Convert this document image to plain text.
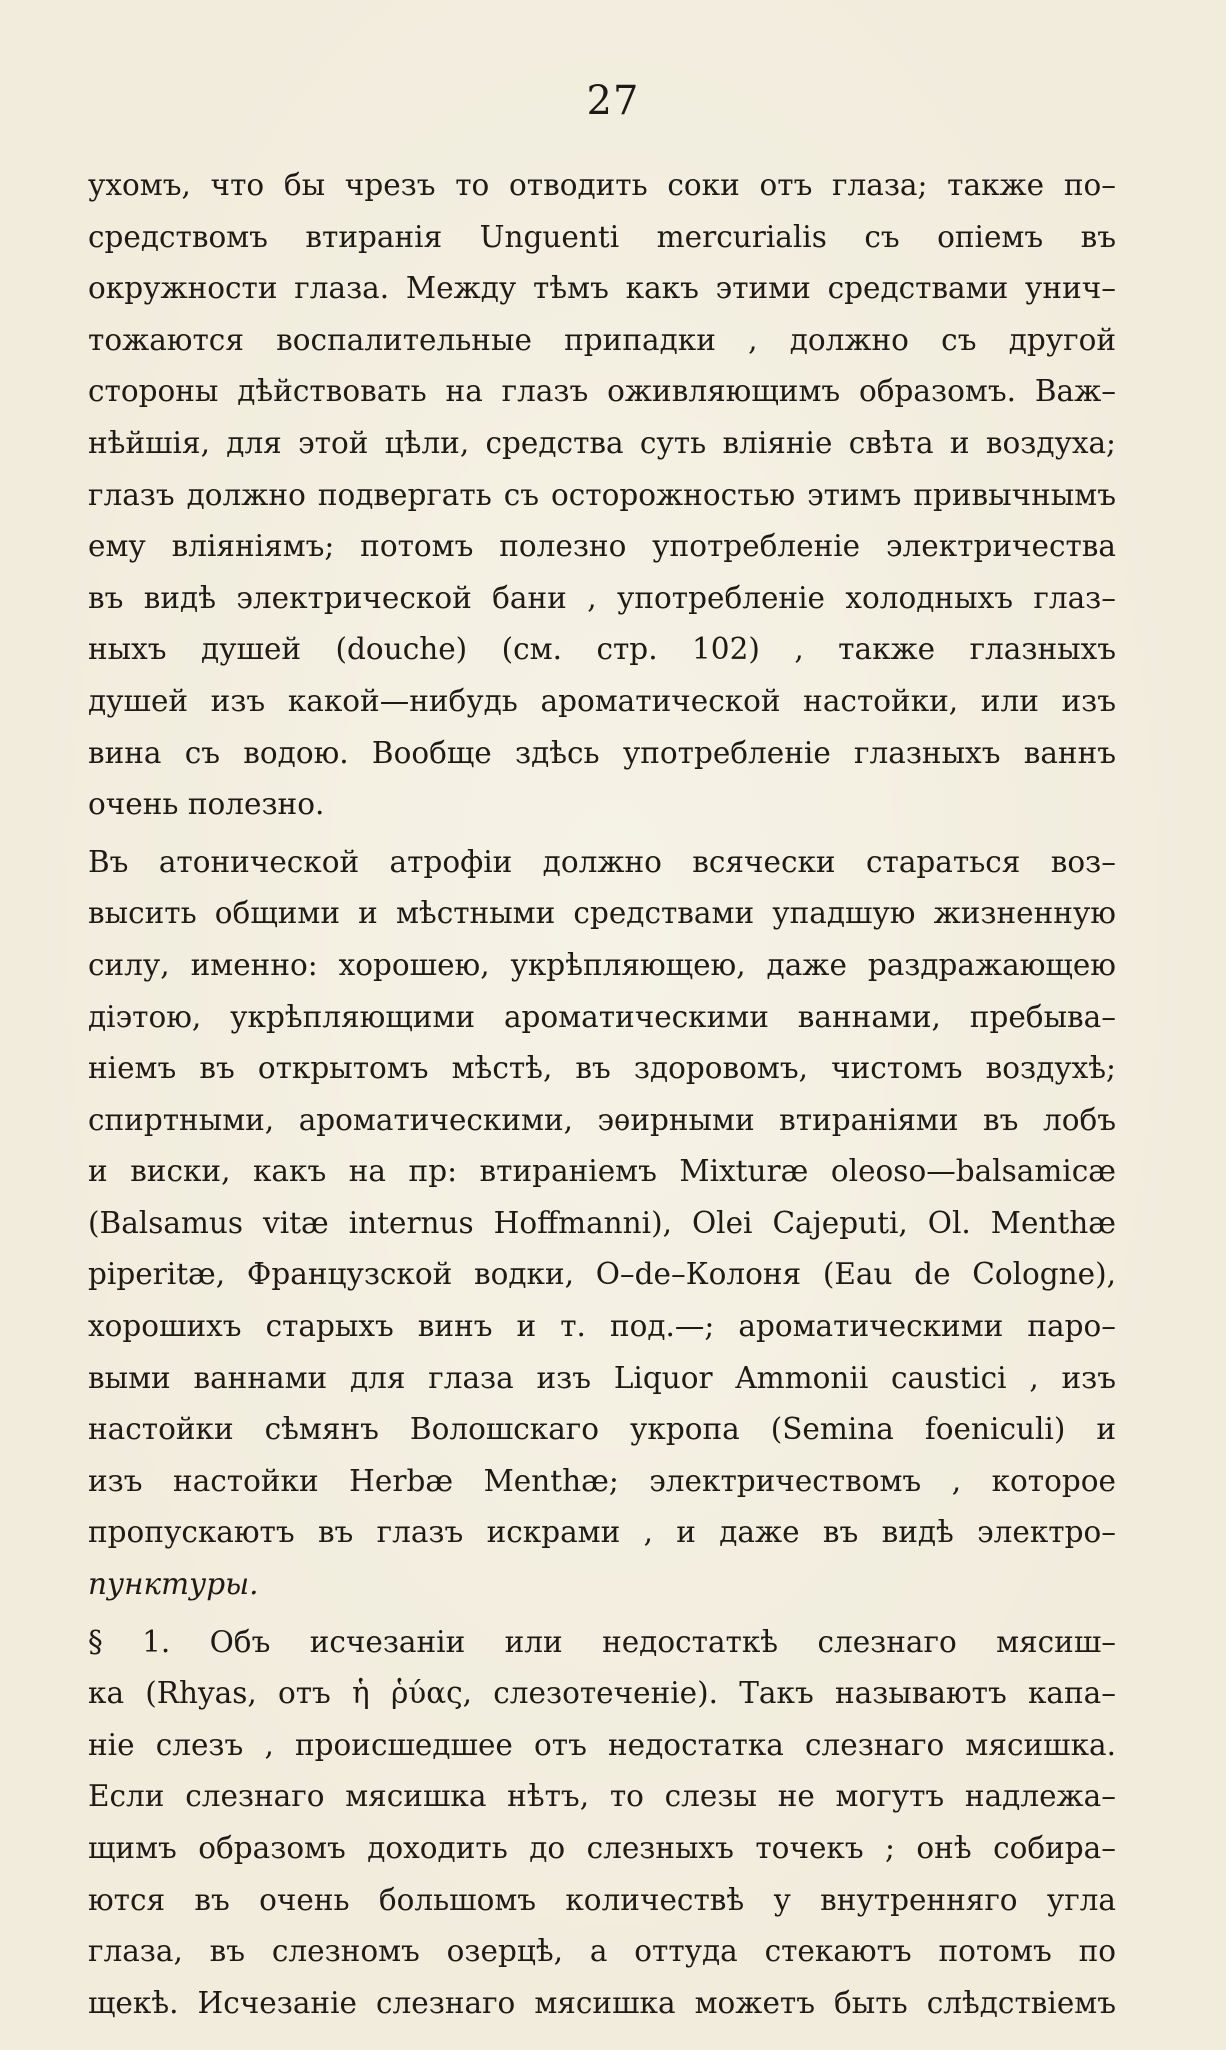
27

ухомъ, что бы чрезъ то отводить соки отъ глаза; также по–
средствомъ втиранія Unguenti mercurialis съ опіемъ въ
окружности глаза. Между тѣмъ какъ этими средствами унич–
тожаются воспалительные припадки , должно съ другой
стороны дѣйствовать на глазъ оживляющимъ образомъ. Важ–
нѣйшія, для этой цѣли, средства суть вліяніе свѣта и воздуха;
глазъ должно подвергать съ осторожностью этимъ привычнымъ
ему вліяніямъ; потомъ полезно употребленіе электричества
въ видѣ электрической бани , употребленіе холодныхъ глаз–
ныхъ душей (douche) (см. стр. 102) , также глазныхъ
душей изъ какой—нибудь ароматической настойки, или изъ
вина съ водою. Вообще здѣсь употребленіе глазныхъ ваннъ
очень полезно.

Въ атонической атрофіи должно всячески стараться воз–
высить общими и мѣстными средствами упадшую жизненную
силу, именно: хорошею, укрѣпляющею, даже раздражающею
діэтою, укрѣпляющими ароматическими ваннами, пребыва–
ніемъ въ открытомъ мѣстѣ, въ здоровомъ, чистомъ воздухѣ;
спиртными, ароматическими, эѳирными втираніями въ лобъ
и виски, какъ на пр: втираніемъ Mixturæ oleoso—balsamicæ
(Balsamus vitæ internus Hoffmanni), Olei Cajeputi, Ol. Menthæ
piperitæ, Французской водки, O–de–Колоня (Eau de Cologne),
хорошихъ старыхъ винъ и т. под.—; ароматическими паро–
выми ваннами для глаза изъ Liquor Ammonii caustici , изъ
настойки сѣмянъ Волошскаго укропа (Semina foeniculi) и
изъ настойки Herbæ Menthæ; электричествомъ , которое
пропускаютъ въ глазъ искрами , и даже въ видѣ электро–
пунктуры.

§ 1. Объ исчезаніи или недостаткѣ слезнаго мясиш–
ка (Rhyas, отъ ἡ ῥύας, слезотеченіе). Такъ называютъ капа–
ніе слезъ , происшедшее отъ недостатка слезнаго мясишка.
Если слезнаго мясишка нѣтъ, то слезы не могутъ надлежа–
щимъ образомъ доходить до слезныхъ точекъ ; онѣ собира–
ются въ очень большомъ количествѣ у внутренняго угла
глаза, въ слезномъ озерцѣ, а оттуда стекаютъ потомъ по
щекѣ. Исчезаніе слезнаго мясишка можетъ быть слѣдствіемъ
